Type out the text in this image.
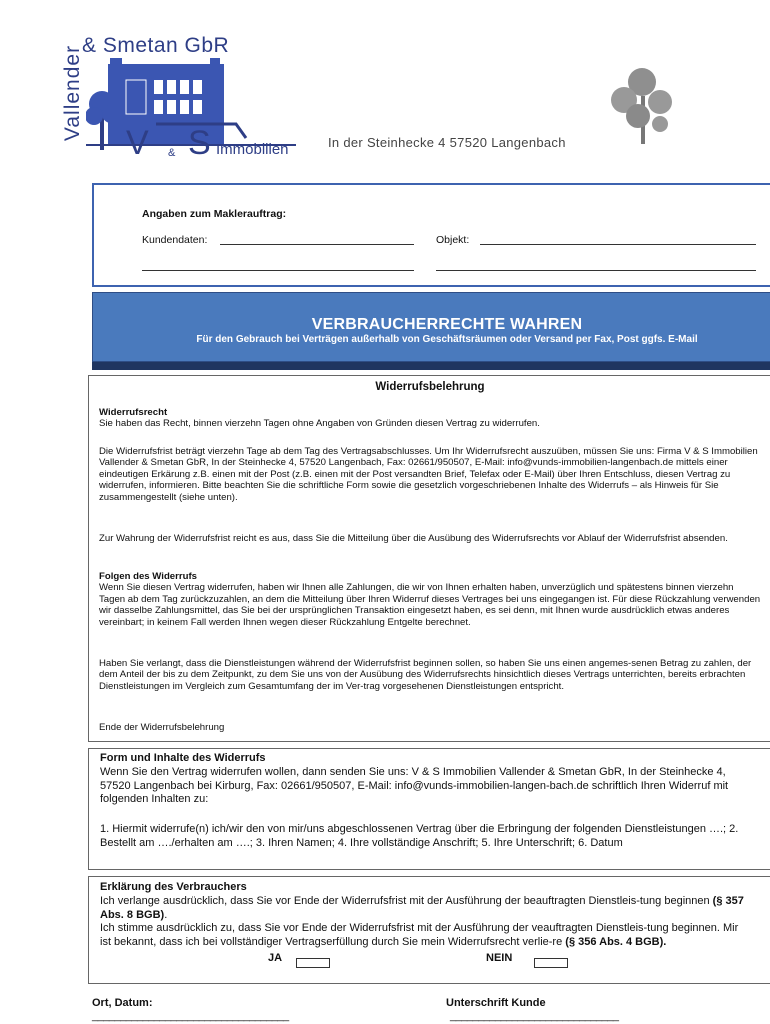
Vallender
& Smetan GbR
V & S Immobilien	In der Steinhecke 4 57520 Langenbach
Angaben zum Maklerauftrag:
Kundendaten:	Objekt:
VERBRAUCHERRECHTE WAHREN
Für den Gebrauch bei Verträgen außerhalb von Geschäftsräumen oder Versand per Fax, Post ggfs. E-Mail
Widerrufsbelehrung
Widerrufsrecht
Sie haben das Recht, binnen vierzehn Tagen ohne Angaben von Gründen diesen Vertrag zu widerrufen.
Die Widerrufsfrist beträgt vierzehn Tage ab dem Tag des Vertragsabschlusses. Um Ihr Widerrufsrecht auszuüben, müssen Sie uns: Firma V & S Immobilien Vallender & Smetan GbR, In der Steinhecke 4, 57520 Langenbach, Fax: 02661/950507, E-Mail: info@vunds-immobilien-langenbach.de mittels einer eindeutigen Erkärung z.B. einen mit der Post (z.B. einen mit der Post versandten Brief, Telefax oder E-Mail) über Ihren Entschluss, diesen Vertrag zu widerrufen, informieren. Bitte beachten Sie die schriftliche Form sowie die gesetzlich vorgeschriebenen Inhalte des Widerrufs – als Hinweis für Sie zusammengestellt (siehe unten).
Zur Wahrung der Widerrufsfrist reicht es aus, dass Sie die Mitteilung über die Ausübung des Widerrufsrechts vor Ablauf der Widerrufsfrist absenden.
Folgen des Widerrufs
Wenn Sie diesen Vertrag widerrufen, haben wir Ihnen alle Zahlungen, die wir von Ihnen erhalten haben, unverzüglich und spätestens binnen vierzehn Tagen ab dem Tag zurückzuzahlen, an dem die Mitteilung über Ihren Widerruf dieses Vertrages bei uns eingegangen ist. Für diese Rückzahlung verwenden wir dasselbe Zahlungsmittel, das Sie bei der ursprünglichen Transaktion eingesetzt haben, es sei denn, mit Ihnen wurde ausdrücklich etwas anderes vereinbart; in keinem Fall werden Ihnen wegen dieser Rückzahlung Entgelte berechnet.
Haben Sie verlangt, dass die Dienstleistungen während der Widerrufsfrist beginnen sollen, so haben Sie uns einen angemes-senen Betrag zu zahlen, der dem Anteil der bis zu dem Zeitpunkt, zu dem Sie uns von der Ausübung des Widerrufsrechts hinsichtlich dieses Vertrags unterrichten, bereits erbrachten Dienstleistungen im Vergleich zum Gesamtumfang der im Ver-trag vorgesehenen Dienstleistungen entspricht.
Ende der Widerrufsbelehrung
Form und Inhalte des Widerrufs
Wenn Sie den Vertrag widerrufen wollen, dann senden Sie uns: V & S Immobilien Vallender & Smetan GbR, In der Steinhecke 4, 57520 Langenbach bei Kirburg, Fax: 02661/950507, E-Mail: info@vunds-immobilien-langen-bach.de schriftlich Ihren Widerruf mit folgenden Inhalten zu:
1. Hiermit widerrufe(n) ich/wir den von mir/uns abgeschlossenen Vertrag über die Erbringung der folgenden Dienstleistungen ….; 2. Bestellt am …./erhalten am ….; 3. Ihren Namen; 4. Ihre vollständige Anschrift; 5. Ihre Unterschrift; 6. Datum
Erklärung des Verbrauchers
Ich verlange ausdrücklich, dass Sie vor Ende der Widerrufsfrist mit der Ausführung der beauftragten Dienstleis-tung beginnen (§ 357 Abs. 8 BGB).
Ich stimme ausdrücklich zu, dass Sie vor Ende der Widerrufsfrist mit der Ausführung der veauftragten Dienstleis-tung beginnen. Mir ist bekannt, dass ich bei vollständiger Vertragserfüllung durch Sie mein Widerrufsrecht verlie-re (§ 356 Abs. 4 BGB).
JA	NEIN
Ort, Datum:	Unterschrift Kunde
___________________________________	______________________________
